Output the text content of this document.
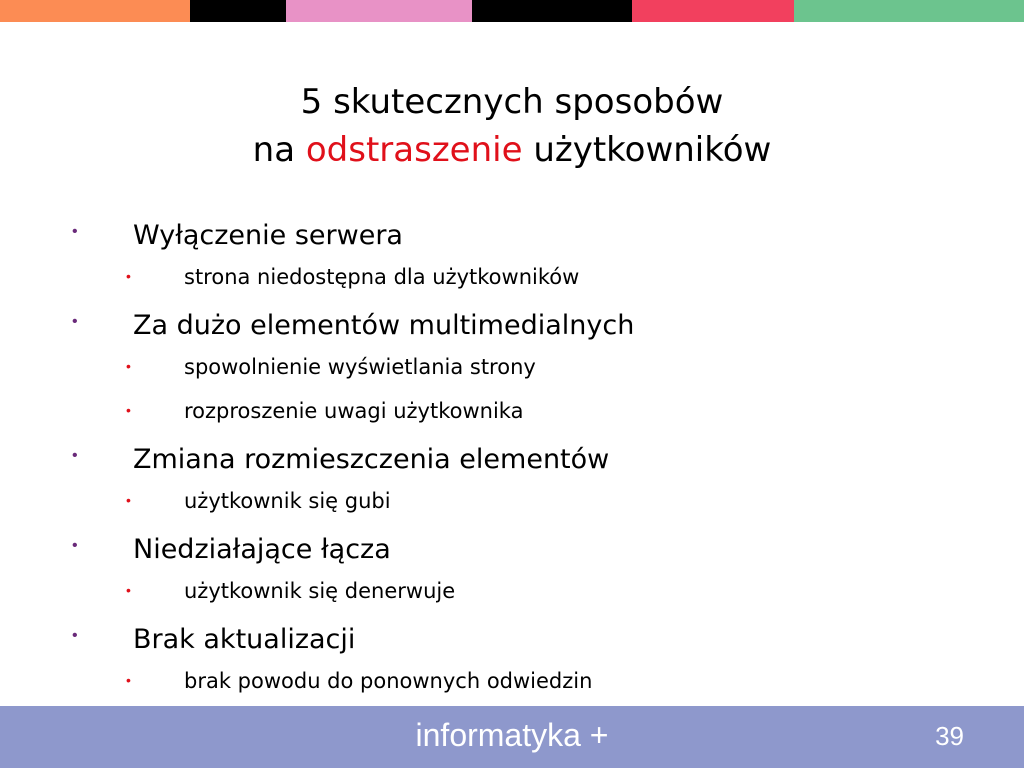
5 skutecznych sposobów
na odstraszenie użytkowników
• Wyłączenie serwera
•	strona niedostępna dla użytkowników
• Za dużo elementów multimedialnych
•	spowolnienie wyświetlania strony
•	rozproszenie uwagi użytkownika
• Zmiana rozmieszczenia elementów
•	użytkownik się gubi
• Niedziałające łącza
•	użytkownik się denerwuje
• Brak aktualizacji
•	brak powodu do ponownych odwiedzin
informatyka +	39
